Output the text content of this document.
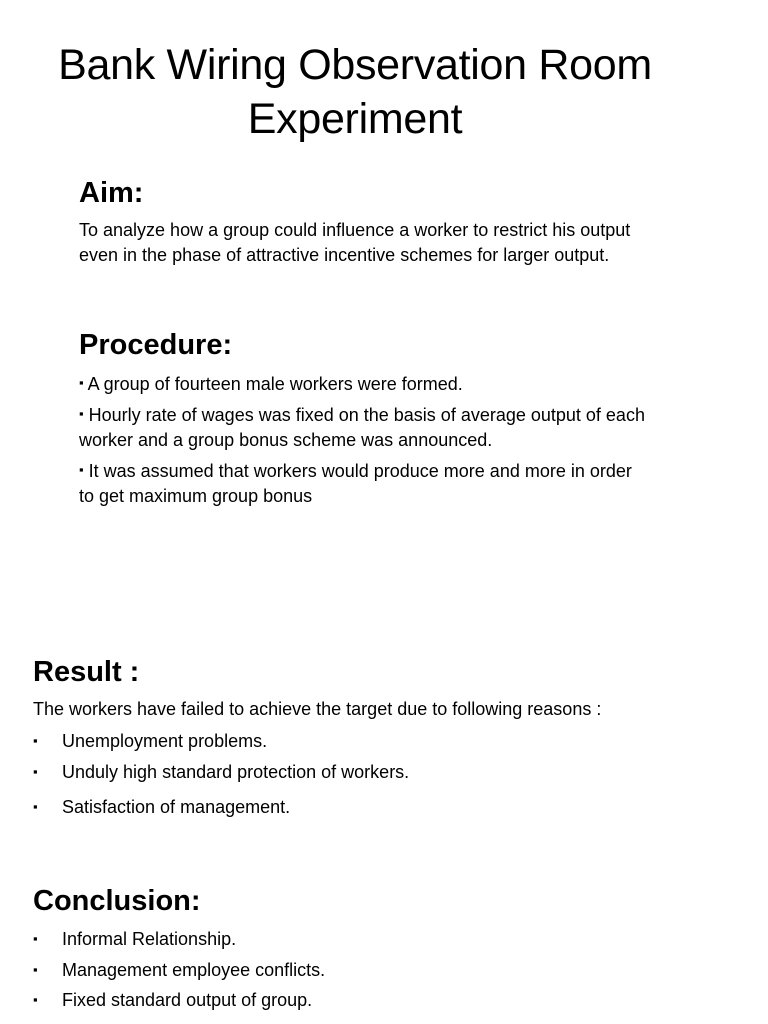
Bank Wiring Observation Room
Experiment
Aim:
To analyze how a group could influence a worker to restrict his output
even in the phase of attractive incentive schemes for larger output.
Procedure:
▪ A group of fourteen male workers were formed.
▪ Hourly rate of wages was fixed on the basis of average output of each
worker and a group bonus scheme was announced.
▪ It was assumed that workers would produce more and more in order
to get maximum group bonus
Result :
The workers have failed to achieve the target due to following reasons :
▪ Unemployment problems.
▪ Unduly high standard protection of workers.
▪ Satisfaction of management.
Conclusion:
▪ Informal Relationship.
▪ Management employee conflicts.
▪ Fixed standard output of group.
